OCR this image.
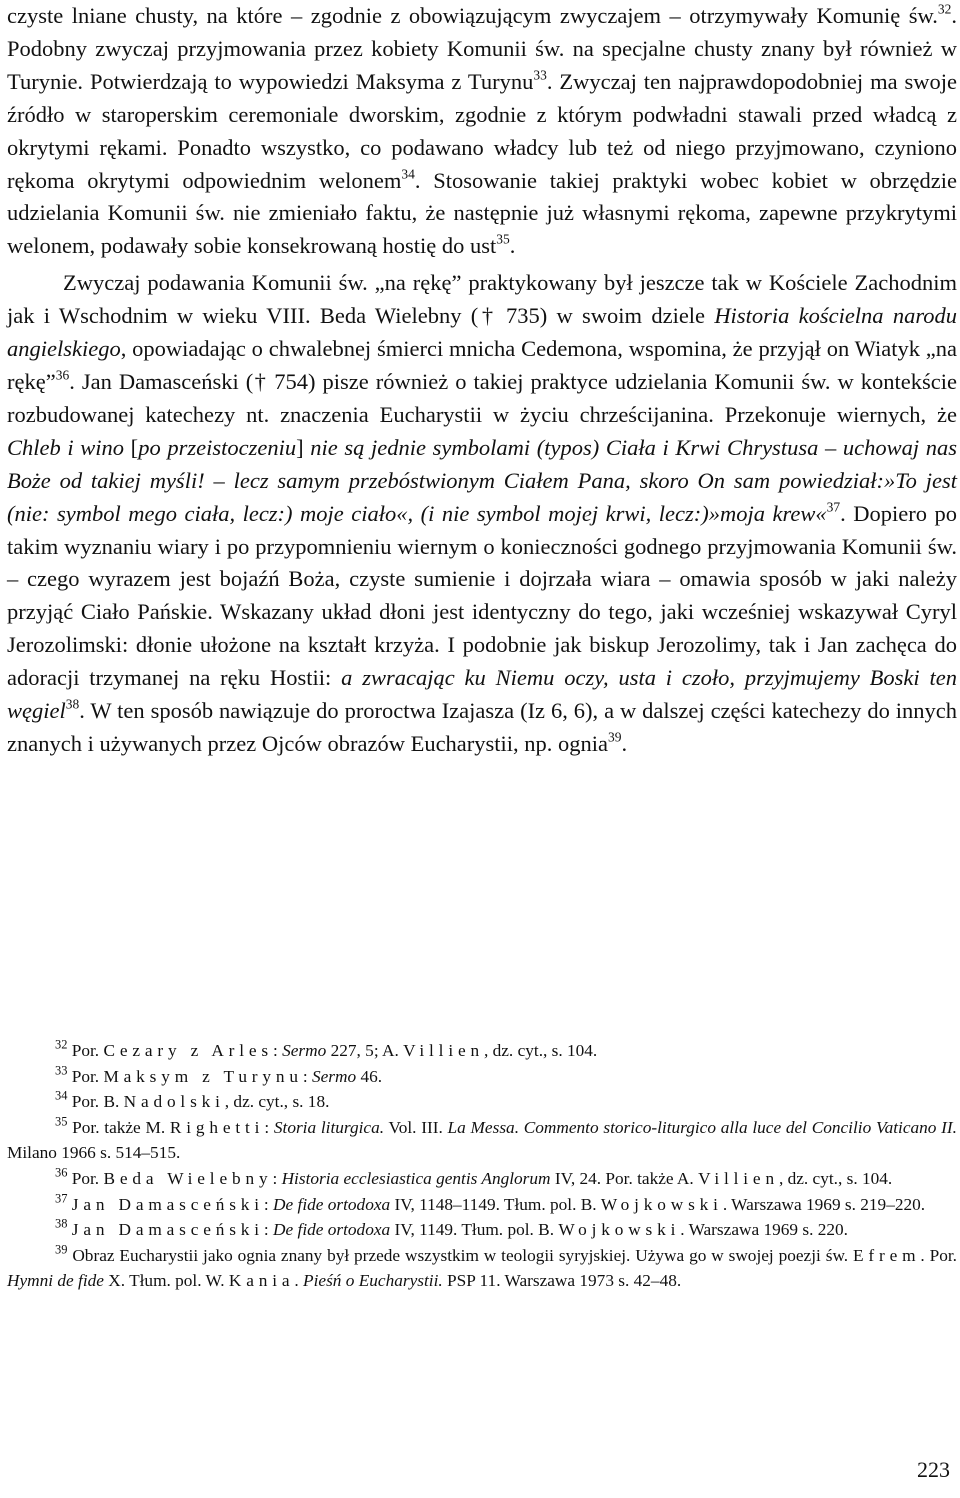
czyste lniane chusty, na które – zgodnie z obowiązującym zwyczajem – otrzymywały Komunię św.$^{32}$. Podobny zwyczaj przyjmowania przez kobiety Komunii św. na specjalne chusty znany był również w Turynie. Potwierdzają to wypowiedzi Maksyma z Turynu$^{33}$. Zwyczaj ten najprawdopodobniej ma swoje źródło w staroperskim ceremoniale dworskim, zgodnie z którym podwładni stawali przed władcą z okrytymi rękami. Ponadto wszystko, co podawano władcy lub też od niego przyjmowano, czyniono rękoma okrytymi odpowiednim welonem$^{34}$. Stosowanie takiej praktyki wobec kobiet w obrzędzie udzielania Komunii św. nie zmieniało faktu, że następnie już własnymi rękoma, zapewne przykrytymi welonem, podawały sobie konsekrowaną hostię do ust$^{35}$.

Zwyczaj podawania Komunii św. „na rękę” praktykowany był jeszcze tak w Kościele Zachodnim jak i Wschodnim w wieku VIII. Beda Wielebny († 735) w swoim dziele Historia kościelna narodu angielskiego, opowiadając o chwalebnej śmierci mnicha Cedemona, wspomina, że przyjął on Wiatyk „na rękę”$^{36}$. Jan Damasceński († 754) pisze również o takiej praktyce udzielania Komunii św. w kontekście rozbudowanej katechezy nt. znaczenia Eucharystii w życiu chrześcijanina. Przekonuje wiernych, że Chleb i wino [po przeistoczeniu] nie są jednie symbolami (typos) Ciała i Krwi Chrystusa – uchowaj nas Boże od takiej myśli! – lecz samym przebóstwionym Ciałem Pana, skoro On sam powiedział:»To jest (nie: symbol mego ciała, lecz:) moje ciało«, (i nie symbol mojej krwi, lecz:)»moja krew«$^{37}$. Dopiero po takim wyznaniu wiary i po przypomnieniu wiernym o konieczności godnego przyjmowania Komunii św. – czego wyrazem jest bojaźń Boża, czyste sumienie i dojrzała wiara – omawia sposób w jaki należy przyjąć Ciało Pańskie. Wskazany układ dłoni jest identyczny do tego, jaki wcześniej wskazywał Cyryl Jerozolimski: dłonie ułożone na kształt krzyża. I podobnie jak biskup Jerozolimy, tak i Jan zachęca do adoracji trzymanej na ręku Hostii: a zwracając ku Niemu oczy, usta i czoło, przyjmujemy Boski ten węgiel$^{38}$. W ten sposób nawiązuje do proroctwa Izajasza (Iz 6, 6), a w dalszej części katechezy do innych znanych i używanych przez Ojców obrazów Eucharystii, np. ognia$^{39}$.

$^{32}$ Por. Cezary z Arles: Sermo 227, 5; A. Villien, dz. cyt., s. 104.

$^{33}$ Por. Maksym z Turynu: Sermo 46.

$^{34}$ Por. B. Nadolski, dz. cyt., s. 18.

$^{35}$ Por. także M. Righetti: Storia liturgica. Vol. III. La Messa. Commento storico-liturgico alla luce del Concilio Vaticano II. Milano 1966 s. 514–515.

$^{36}$ Por. Beda Wielebny: Historia ecclesiastica gentis Anglorum IV, 24. Por. także A. Villien, dz. cyt., s. 104.

$^{37}$ Jan Damasceński: De fide ortodoxa IV, 1148–1149. Tłum. pol. B. Wojkowski. Warszawa 1969 s. 219–220.

$^{38}$ Jan Damasceński: De fide ortodoxa IV, 1149. Tłum. pol. B. Wojkowski. Warszawa 1969 s. 220.

$^{39}$ Obraz Eucharystii jako ognia znany był przede wszystkim w teologii syryjskiej. Używa go w swojej poezji św. Efrem. Por. Hymni de fide X. Tłum. pol. W. Kania. Pieśń o Eucharystii. PSP 11. Warszawa 1973 s. 42–48.

223
